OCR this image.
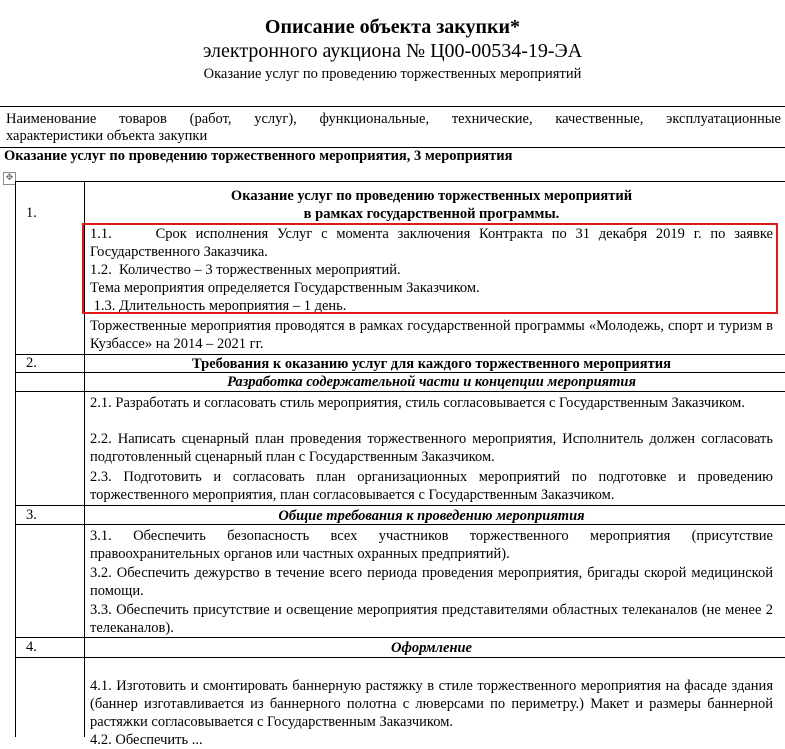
Описание объекта закупки*
электронного аукциона № Ц00-00534-19-ЭА
Оказание услуг по проведению торжественных мероприятий
Наименование товаров (работ, услуг), функциональные, технические, качественные, эксплуатационные
характеристики объекта закупки
Оказание услуг по проведению торжественного мероприятия, 3 мероприятия
✥
1.
Оказание услуг по проведению торжественных мероприятий
в рамках государственной программы.
1.1.     Срок исполнения Услуг с момента заключения Контракта по 31 декабря 2019 г. по заявке Государственного Заказчика.
1.2.  Количество – 3 торжественных мероприятий.
Тема мероприятия определяется Государственным Заказчиком.
1.3. Длительность мероприятия – 1 день.
Торжественные мероприятия проводятся в рамках государственной программы «Молодежь, спорт и туризм в Кузбассе» на 2014 – 2021 гг.
2.	Требования к оказанию услуг для каждого торжественного мероприятия
Разработка содержательной части и концепции мероприятия
2.1. Разработать и согласовать стиль мероприятия, стиль согласовывается с Государственным Заказчиком.
2.2. Написать сценарный план проведения торжественного мероприятия, Исполнитель должен согласовать подготовленный сценарный план с Государственным Заказчиком.
2.3. Подготовить и согласовать план организационных мероприятий по подготовке и проведению торжественного мероприятия, план согласовывается с Государственным Заказчиком.
3.	Общие требования к проведению мероприятия
3.1. Обеспечить безопасность всех участников торжественного мероприятия (присутствие правоохранительных органов или частных охранных предприятий).
3.2. Обеспечить дежурство в течение всего периода проведения мероприятия, бригады скорой медицинской помощи.
3.3. Обеспечить присутствие и освещение мероприятия представителями областных телеканалов (не менее 2 телеканалов).
4.	Оформление
4.1. Изготовить и смонтировать баннерную растяжку в стиле торжественного мероприятия на фасаде здания (баннер изготавливается из баннерного полотна с люверсами по периметру.) Макет и размеры баннерной растяжки согласовывается с Государственным Заказчиком.
4.2. Обеспечить ...
